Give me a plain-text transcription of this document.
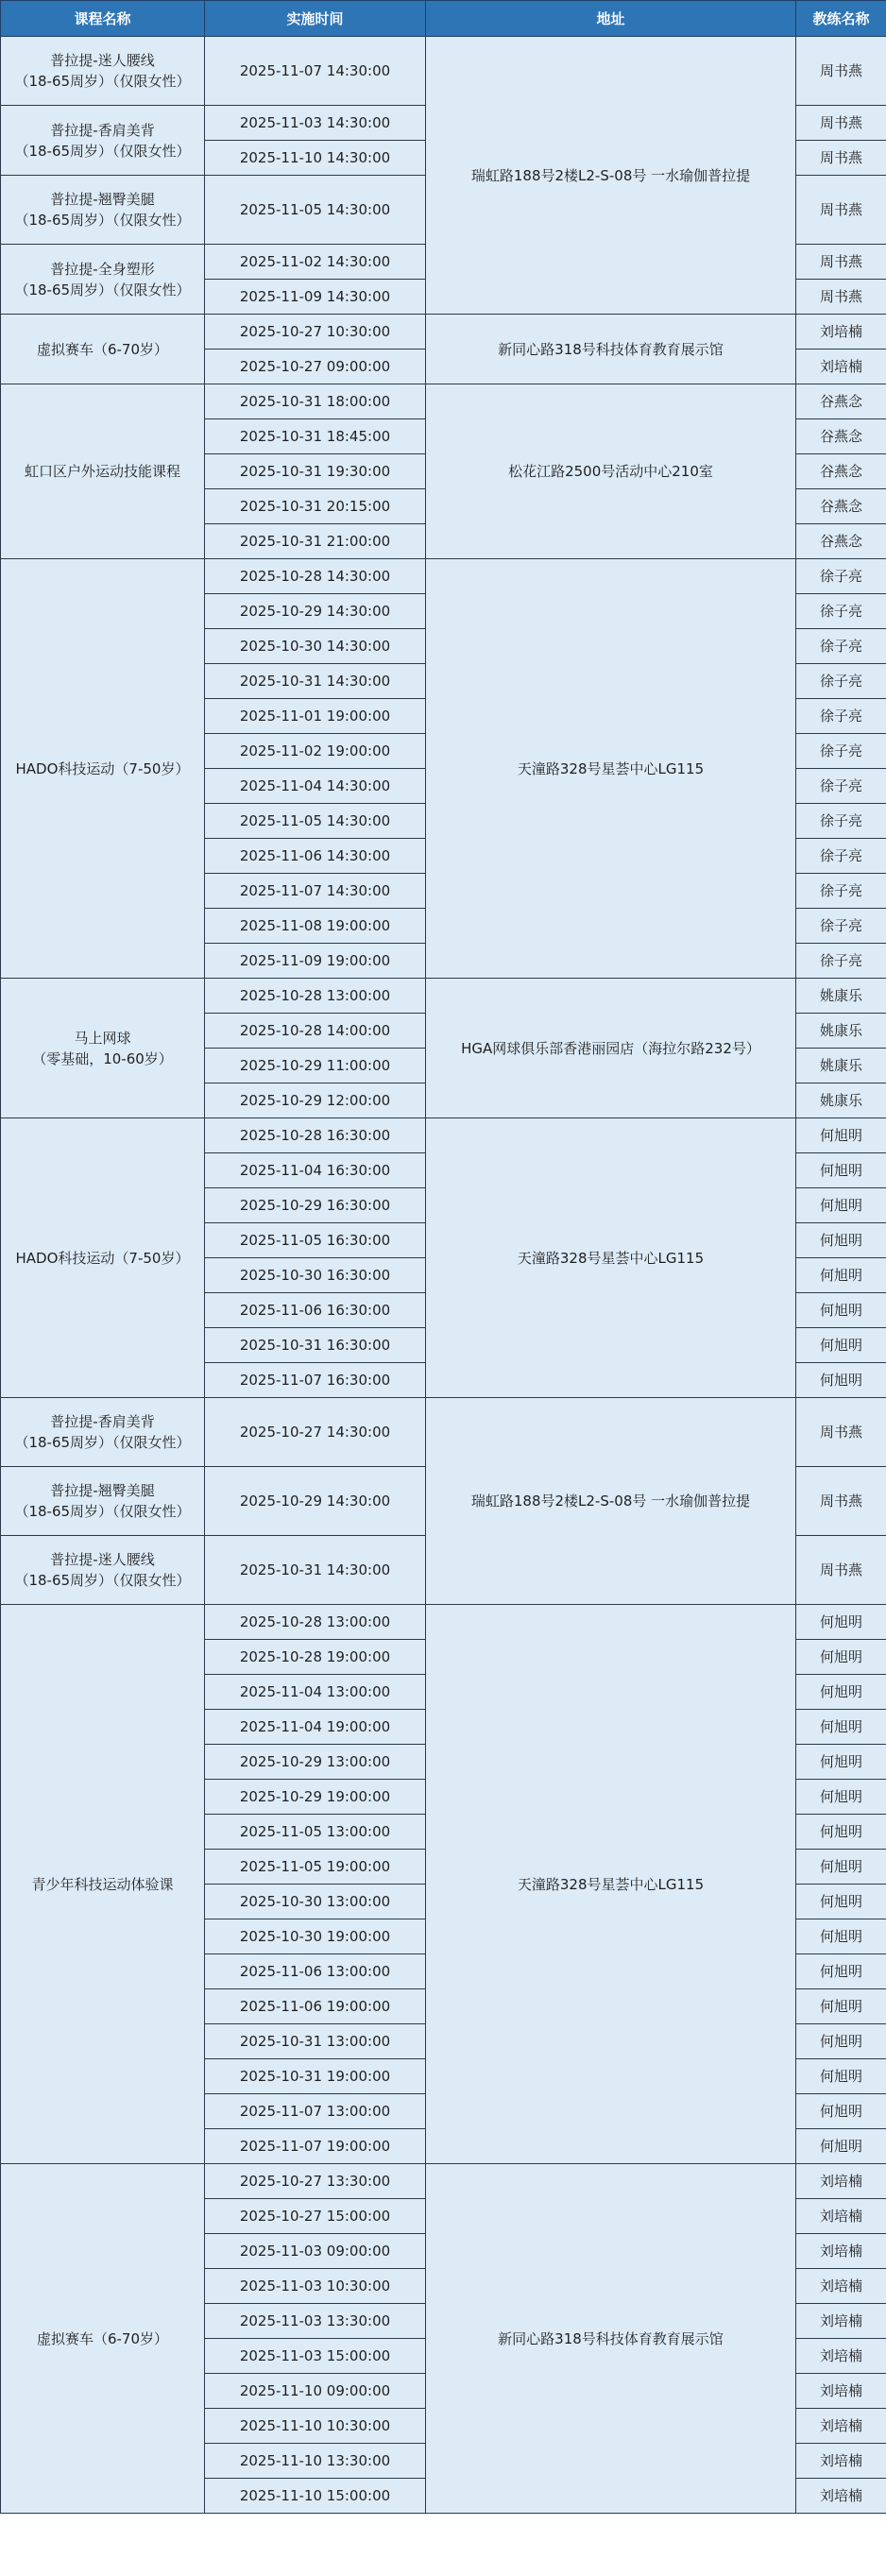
课程名称	实施时间	地址	教练名称
普拉提-迷人腰线
（18-65周岁）（仅限女性）	2025-11-07 14:30:00	瑞虹路188号2楼L2-S-08号 一水瑜伽普拉提	周书燕
普拉提-香肩美背
（18-65周岁）（仅限女性）	2025-11-03 14:30:00		周书燕
	2025-11-10 14:30:00		周书燕
普拉提-翘臀美腿
（18-65周岁）（仅限女性）	2025-11-05 14:30:00		周书燕
普拉提-全身塑形
（18-65周岁）（仅限女性）	2025-11-02 14:30:00		周书燕
	2025-11-09 14:30:00		周书燕
虚拟赛车（6-70岁）	2025-10-27 10:30:00	新同心路318号科技体育教育展示馆	刘培楠
	2025-10-27 09:00:00		刘培楠
虹口区户外运动技能课程	2025-10-31 18:00:00	松花江路2500号活动中心210室	谷燕念
	2025-10-31 18:45:00		谷燕念
	2025-10-31 19:30:00		谷燕念
	2025-10-31 20:15:00		谷燕念
	2025-10-31 21:00:00		谷燕念
HADO科技运动（7-50岁）	2025-10-28 14:30:00	天潼路328号星荟中心LG115	徐子亮
	2025-10-29 14:30:00		徐子亮
	2025-10-30 14:30:00		徐子亮
	2025-10-31 14:30:00		徐子亮
	2025-11-01 19:00:00		徐子亮
	2025-11-02 19:00:00		徐子亮
	2025-11-04 14:30:00		徐子亮
	2025-11-05 14:30:00		徐子亮
	2025-11-06 14:30:00		徐子亮
	2025-11-07 14:30:00		徐子亮
	2025-11-08 19:00:00		徐子亮
	2025-11-09 19:00:00		徐子亮
马上网球
（零基础，10-60岁）	2025-10-28 13:00:00	HGA网球俱乐部香港丽园店（海拉尔路232号）	姚康乐
	2025-10-28 14:00:00		姚康乐
	2025-10-29 11:00:00		姚康乐
	2025-10-29 12:00:00		姚康乐
HADO科技运动（7-50岁）	2025-10-28 16:30:00	天潼路328号星荟中心LG115	何旭明
	2025-11-04 16:30:00		何旭明
	2025-10-29 16:30:00		何旭明
	2025-11-05 16:30:00		何旭明
	2025-10-30 16:30:00		何旭明
	2025-11-06 16:30:00		何旭明
	2025-10-31 16:30:00		何旭明
	2025-11-07 16:30:00		何旭明
普拉提-香肩美背
（18-65周岁）（仅限女性）	2025-10-27 14:30:00	瑞虹路188号2楼L2-S-08号 一水瑜伽普拉提	周书燕
普拉提-翘臀美腿
（18-65周岁）（仅限女性）	2025-10-29 14:30:00		周书燕
普拉提-迷人腰线
（18-65周岁）（仅限女性）	2025-10-31 14:30:00		周书燕
青少年科技运动体验课	2025-10-28 13:00:00	天潼路328号星荟中心LG115	何旭明
	2025-10-28 19:00:00		何旭明
	2025-11-04 13:00:00		何旭明
	2025-11-04 19:00:00		何旭明
	2025-10-29 13:00:00		何旭明
	2025-10-29 19:00:00		何旭明
	2025-11-05 13:00:00		何旭明
	2025-11-05 19:00:00		何旭明
	2025-10-30 13:00:00		何旭明
	2025-10-30 19:00:00		何旭明
	2025-11-06 13:00:00		何旭明
	2025-11-06 19:00:00		何旭明
	2025-10-31 13:00:00		何旭明
	2025-10-31 19:00:00		何旭明
	2025-11-07 13:00:00		何旭明
	2025-11-07 19:00:00		何旭明
虚拟赛车（6-70岁）	2025-10-27 13:30:00	新同心路318号科技体育教育展示馆	刘培楠
	2025-10-27 15:00:00		刘培楠
	2025-11-03 09:00:00		刘培楠
	2025-11-03 10:30:00		刘培楠
	2025-11-03 13:30:00		刘培楠
	2025-11-03 15:00:00		刘培楠
	2025-11-10 09:00:00		刘培楠
	2025-11-10 10:30:00		刘培楠
	2025-11-10 13:30:00		刘培楠
	2025-11-10 15:00:00		刘培楠
